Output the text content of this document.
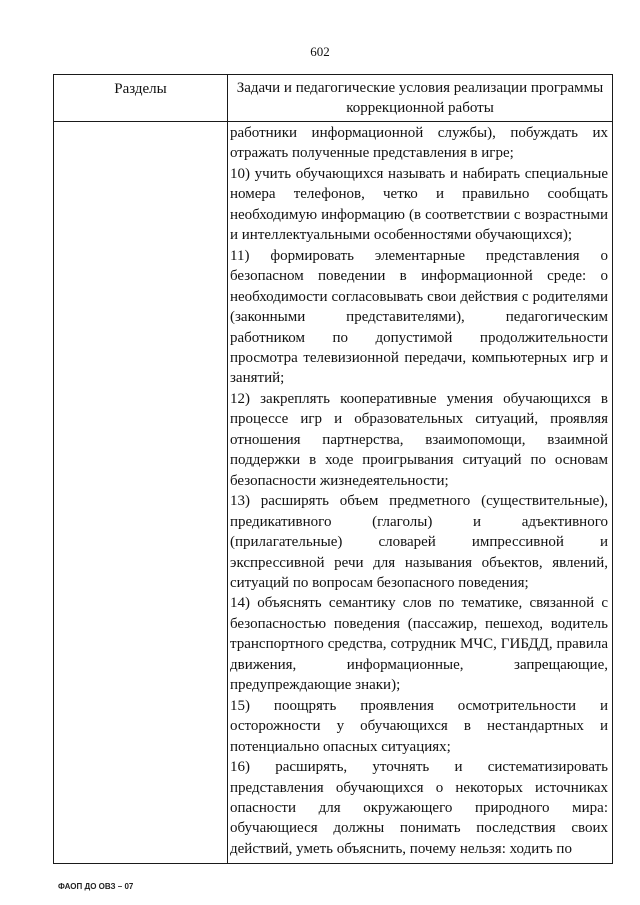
602
Разделы	Задачи и педагогические условия реализации программы коррекционной работы

работники информационной службы), побуждать их отражать полученные представления в игре;

10) учить обучающихся называть и набирать специальные номера телефонов, четко и правильно сообщать необходимую информацию (в соответствии с возрастными и интеллектуальными особенностями обучающихся);

11) формировать элементарные представления о безопасном поведении в информационной среде: о необходимости согласовывать свои действия с родителями (законными представителями), педагогическим работником по допустимой продолжительности просмотра телевизионной передачи, компьютерных игр и занятий;

12) закреплять кооперативные умения обучающихся в процессе игр и образовательных ситуаций, проявляя отношения партнерства, взаимопомощи, взаимной поддержки в ходе проигрывания ситуаций по основам безопасности жизнедеятельности;

13) расширять объем предметного (существительные), предикативного (глаголы) и адъективного (прилагательные) словарей импрессивной и экспрессивной речи для называния объектов, явлений, ситуаций по вопросам безопасного поведения;

14) объяснять семантику слов по тематике, связанной с безопасностью поведения (пассажир, пешеход, водитель транспортного средства, сотрудник МЧС, ГИБДД, правила движения, информационные, запрещающие, предупреждающие знаки);

15) поощрять проявления осмотрительности и осторожности у обучающихся в нестандартных и потенциально опасных ситуациях;

16) расширять, уточнять и систематизировать представления обучающихся о некоторых источниках опасности для окружающего природного мира: обучающиеся должны понимать последствия своих действий, уметь объяснить, почему нельзя: ходить по

ФАОП ДО ОВЗ – 07
